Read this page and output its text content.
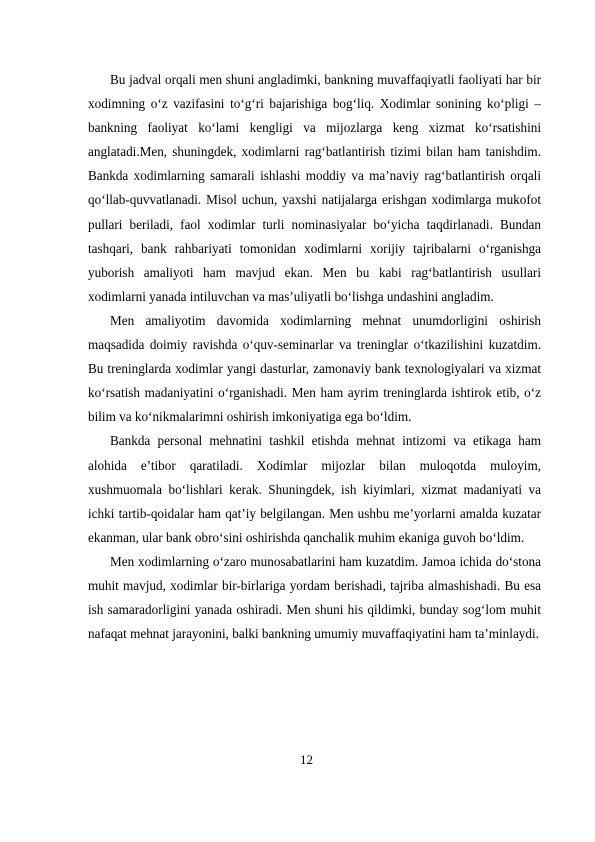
Bu jadval orqali men shuni angladimki, bankning muvaffaqiyatli faoliyati har bir xodimning o‘z vazifasini to‘g‘ri bajarishiga bog‘liq. Xodimlar sonining ko‘pligi – bankning faoliyat ko‘lami kengligi va mijozlarga keng xizmat ko‘rsatishini anglatadi.Men, shuningdek, xodimlarni rag‘batlantirish tizimi bilan ham tanishdim. Bankda xodimlarning samarali ishlashi moddiy va ma’naviy rag‘batlantirish orqali qo‘llab-quvvatlanadi. Misol uchun, yaxshi natijalarga erishgan xodimlarga mukofot pullari beriladi, faol xodimlar turli nominasiyalar bo‘yicha taqdirlanadi. Bundan tashqari, bank rahbariyati tomonidan xodimlarni xorijiy tajribalarni o‘rganishga yuborish amaliyoti ham mavjud ekan. Men bu kabi rag‘batlantirish usullari xodimlarni yanada intiluvchan va mas’uliyatli bo‘lishga undashini angladim.

Men amaliyotim davomida xodimlarning mehnat unumdorligini oshirish maqsadida doimiy ravishda o‘quv-seminarlar va treninglar o‘tkazilishini kuzatdim. Bu treninglarda xodimlar yangi dasturlar, zamonaviy bank texnologiyalari va xizmat ko‘rsatish madaniyatini o‘rganishadi. Men ham ayrim treninglarda ishtirok etib, o‘z bilim va ko‘nikmalarimni oshirish imkoniyatiga ega bo‘ldim.

Bankda personal mehnatini tashkil etishda mehnat intizomi va etikaga ham alohida e’tibor qaratiladi. Xodimlar mijozlar bilan muloqotda muloyim, xushmuomala bo‘lishlari kerak. Shuningdek, ish kiyimlari, xizmat madaniyati va ichki tartib-qoidalar ham qat’iy belgilangan. Men ushbu me’yorlarni amalda kuzatar ekanman, ular bank obro‘sini oshirishda qanchalik muhim ekaniga guvoh bo‘ldim.

Men xodimlarning o‘zaro munosabatlarini ham kuzatdim. Jamoa ichida do‘stona muhit mavjud, xodimlar bir-birlariga yordam berishadi, tajriba almashishadi. Bu esa ish samaradorligini yanada oshiradi. Men shuni his qildimki, bunday sog‘lom muhit nafaqat mehnat jarayonini, balki bankning umumiy muvaffaqiyatini ham ta’minlaydi.

12
